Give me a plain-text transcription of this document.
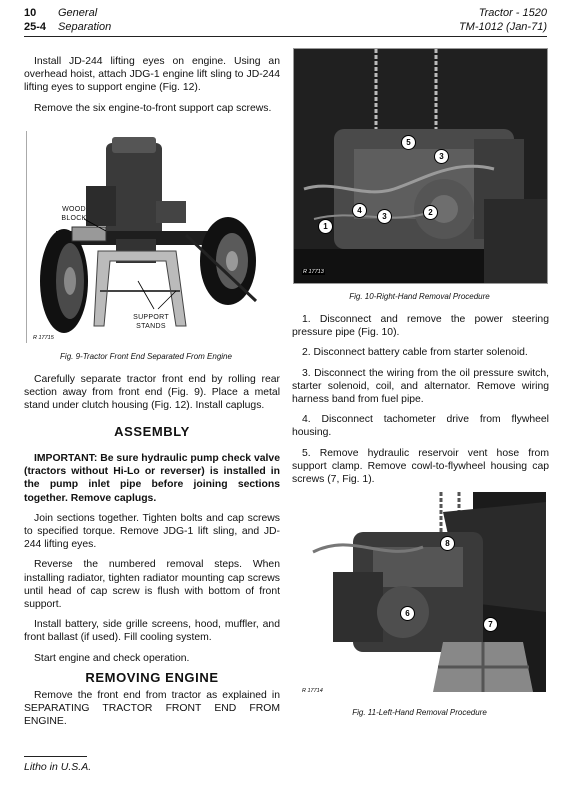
10 General	Tractor - 1520
25-4 Separation	TM-1012 (Jan-71)

Install JD-244 lifting eyes on engine. Using an overhead hoist, attach JDG-1 engine lift sling to JD-244 lifting eyes to support engine (Fig. 12).

Remove the six engine-to-front support cap screws.

WOOD BLOCK
SUPPORT STANDS
R 17715
Fig. 9-Tractor Front End Separated From Engine

Carefully separate tractor front end by rolling rear section away from front end (Fig. 9). Place a metal stand under clutch housing (Fig. 12). Install caplugs.

ASSEMBLY

IMPORTANT: Be sure hydraulic pump check valve (tractors without Hi-Lo or reverser) is installed in the pump inlet pipe before joining sections together. Remove caplugs.

Join sections together. Tighten bolts and cap screws to specified torque. Remove JDG-1 lift sling, and JD-244 lifting eyes.

Reverse the numbered removal steps. When installing radiator, tighten radiator mounting cap screws until head of cap screw is flush with bottom of front support.

Install battery, side grille screens, hood, muffler, and front ballast (if used). Fill cooling system.

Start engine and check operation.

REMOVING ENGINE

Remove the front end from tractor as explained in SEPARATING TRACTOR FRONT END FROM ENGINE.

5
3
4
3	2
1
R 17713
Fig. 10-Right-Hand Removal Procedure

1. Disconnect and remove the power steering pressure pipe (Fig. 10).

2. Disconnect battery cable from starter solenoid.

3. Disconnect the wiring from the oil pressure switch, starter solenoid, coil, and alternator. Remove wiring harness band from fuel pipe.

4. Disconnect tachometer drive from flywheel housing.

5. Remove hydraulic reservoir vent hose from support clamp. Remove cowl-to-flywheel housing cap screws (7, Fig. 1).

8
6
7
R 17714
Fig. 11-Left-Hand Removal Procedure
Litho in U.S.A.
